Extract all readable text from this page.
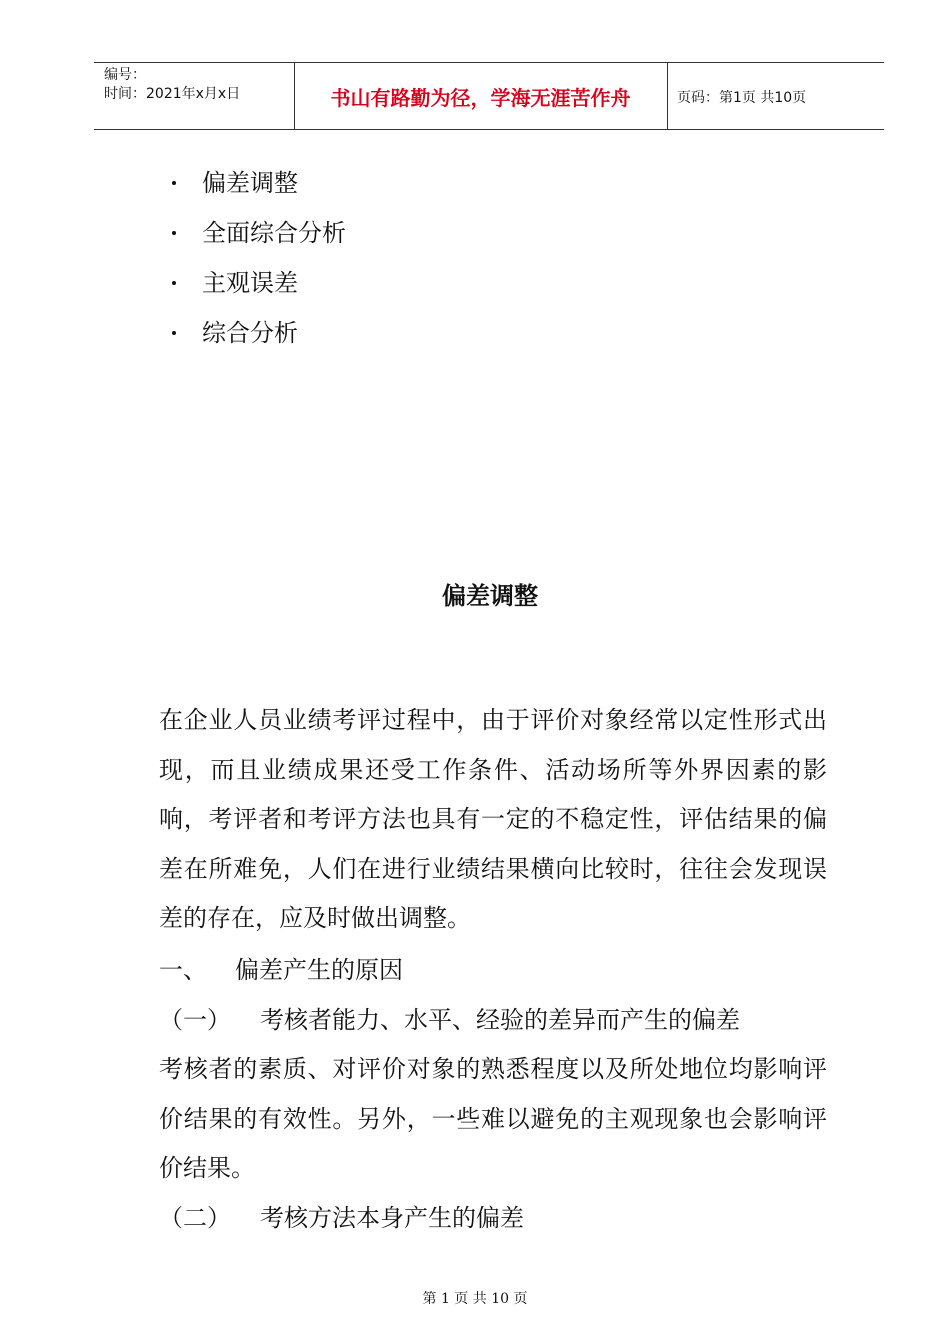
编号：
时间：2021年x月x日	书山有路勤为径，学海无涯苦作舟	页码：第1页 共10页
偏差调整
全面综合分析
主观误差
综合分析
偏差调整

在企业人员业绩考评过程中，由于评价对象经常以定性形式出现，而且业绩成果还受工作条件、活动场所等外界因素的影响，考评者和考评方法也具有一定的不稳定性，评估结果的偏差在所难免，人们在进行业绩结果横向比较时，往往会发现误差的存在，应及时做出调整。

一、 偏差产生的原因
（一） 考核者能力、水平、经验的差异而产生的偏差

考核者的素质、对评价对象的熟悉程度以及所处地位均影响评价结果的有效性。另外，一些难以避免的主观现象也会影响评价结果。

（二） 考核方法本身产生的偏差
第 1 页 共 10 页
